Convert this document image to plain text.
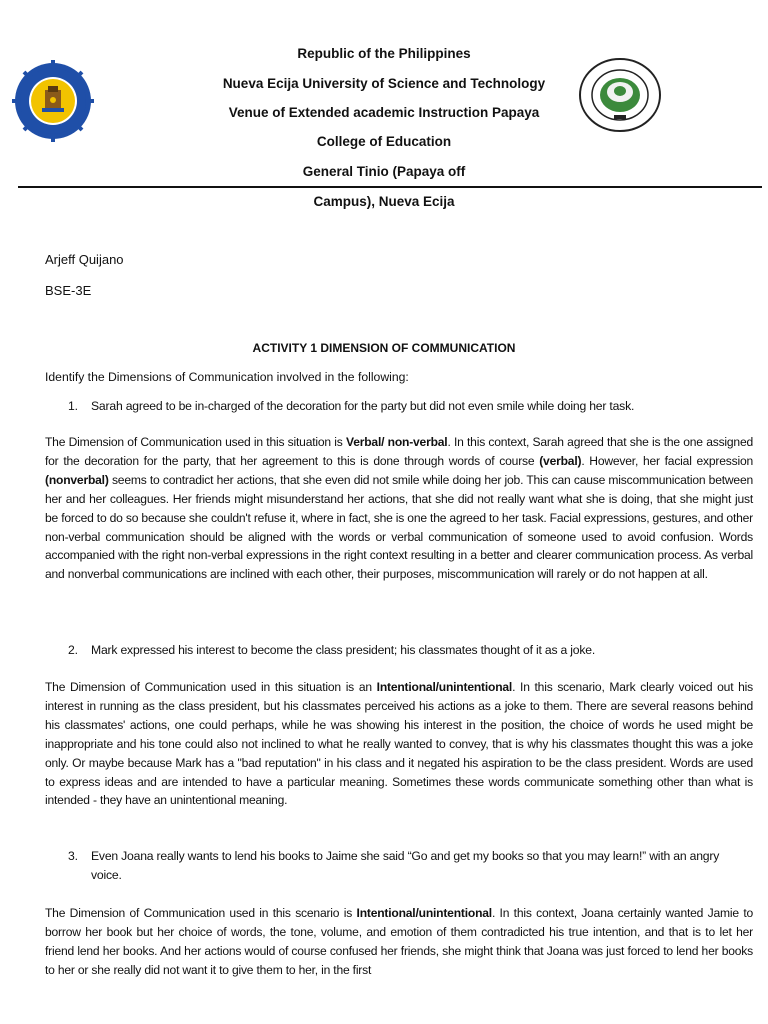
Republic of the Philippines
Nueva Ecija University of Science and Technology
Venue of Extended academic Instruction Papaya
College of Education
General Tinio (Papaya off
Campus), Nueva Ecija
Arjeff Quijano
BSE-3E
ACTIVITY 1 DIMENSION OF COMMUNICATION
Identify the Dimensions of Communication involved in the following:
1. Sarah agreed to be in-charged of the decoration for the party but did not even smile while doing her task.
The Dimension of Communication used in this situation is Verbal/ non-verbal. In this context, Sarah agreed that she is the one assigned for the decoration for the party, that her agreement to this is done through words of course (verbal). However, her facial expression (nonverbal) seems to contradict her actions, that she even did not smile while doing her job. This can cause miscommunication between her and her colleagues. Her friends might misunderstand her actions, that she did not really want what she is doing, that she might just be forced to do so because she couldn't refuse it, where in fact, she is one the agreed to her task. Facial expressions, gestures, and other non-verbal communication should be aligned with the words or verbal communication of someone used to avoid confusion. Words accompanied with the right non-verbal expressions in the right context resulting in a better and clearer communication process. As verbal and nonverbal communications are inclined with each other, their purposes, miscommunication will rarely or do not happen at all.
2. Mark expressed his interest to become the class president; his classmates thought of it as a joke.
The Dimension of Communication used in this situation is an Intentional/unintentional. In this scenario, Mark clearly voiced out his interest in running as the class president, but his classmates perceived his actions as a joke to them. There are several reasons behind his classmates' actions, one could perhaps, while he was showing his interest in the position, the choice of words he used might be inappropriate and his tone could also not inclined to what he really wanted to convey, that is why his classmates thought this was a joke only. Or maybe because Mark has a "bad reputation" in his class and it negated his aspiration to be the class president. Words are used to express ideas and are intended to have a particular meaning. Sometimes these words communicate something other than what is intended - they have an unintentional meaning.
3. Even Joana really wants to lend his books to Jaime she said “Go and get my books so that you may learn!” with an angry voice.
The Dimension of Communication used in this scenario is Intentional/unintentional. In this context, Joana certainly wanted Jamie to borrow her book but her choice of words, the tone, volume, and emotion of them contradicted his true intention, and that is to let her friend lend her books. And her actions would of course confused her friends, she might think that Joana was just forced to lend her books to her or she really did not want it to give them to her, in the first
